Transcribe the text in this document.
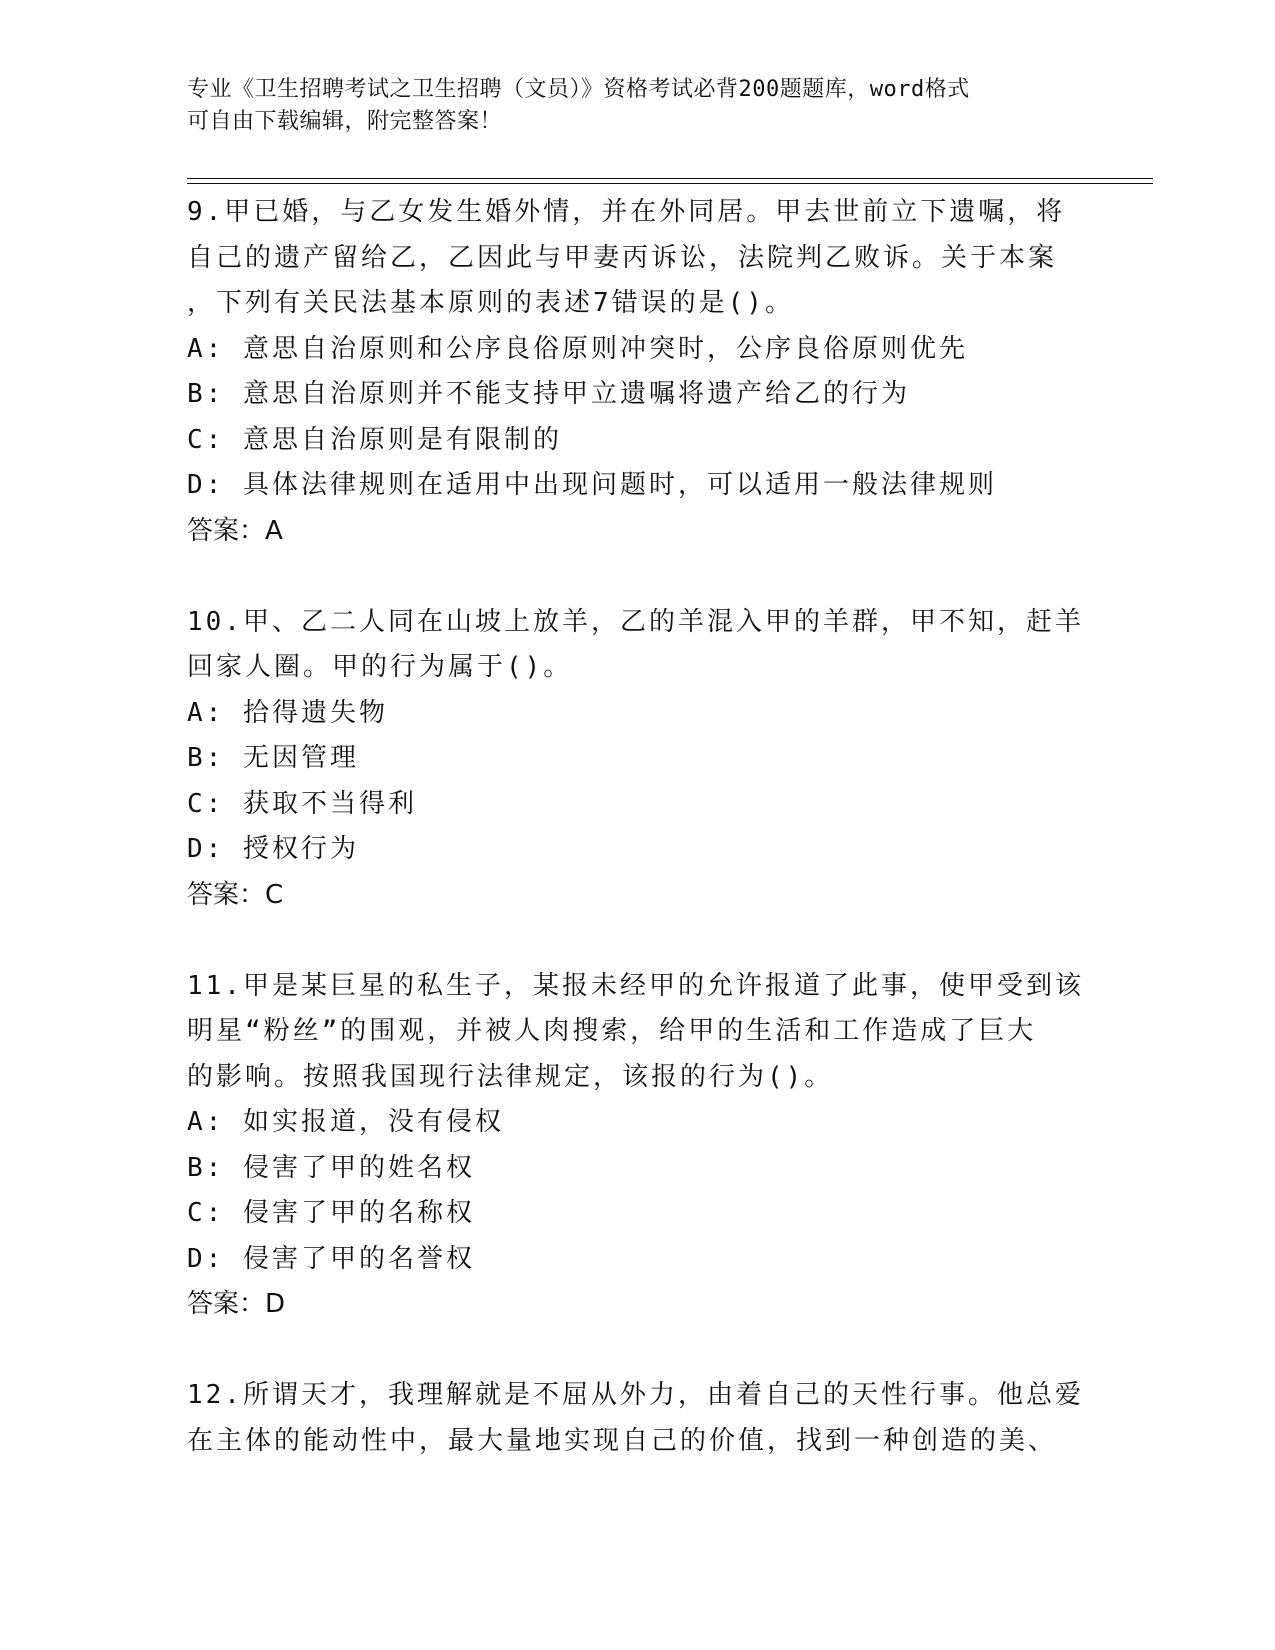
专业《卫生招聘考试之卫生招聘（文员）》资格考试必背200题题库，word格式
可自由下载编辑，附完整答案！
9.甲已婚，与乙女发生婚外情，并在外同居。甲去世前立下遗嘱，将
自己的遗产留给乙，乙因此与甲妻丙诉讼，法院判乙败诉。关于本案
，下列有关民法基本原则的表述7错误的是()。
A: 意思自治原则和公序良俗原则冲突时，公序良俗原则优先
B: 意思自治原则并不能支持甲立遗嘱将遗产给乙的行为
C: 意思自治原则是有限制的
D: 具体法律规则在适用中出现问题时，可以适用一般法律规则
答案：A
10.甲、乙二人同在山坡上放羊，乙的羊混入甲的羊群，甲不知，赶羊
回家人圈。甲的行为属于()。
A: 拾得遗失物
B: 无因管理
C: 获取不当得利
D: 授权行为
答案：C
11.甲是某巨星的私生子，某报未经甲的允许报道了此事，使甲受到该
明星“粉丝”的围观，并被人肉搜索，给甲的生活和工作造成了巨大
的影响。按照我国现行法律规定，该报的行为()。
A: 如实报道，没有侵权
B: 侵害了甲的姓名权
C: 侵害了甲的名称权
D: 侵害了甲的名誉权
答案：D
12.所谓天才，我理解就是不屈从外力，由着自己的天性行事。他总爱
在主体的能动性中，最大量地实现自己的价值，找到一种创造的美、
